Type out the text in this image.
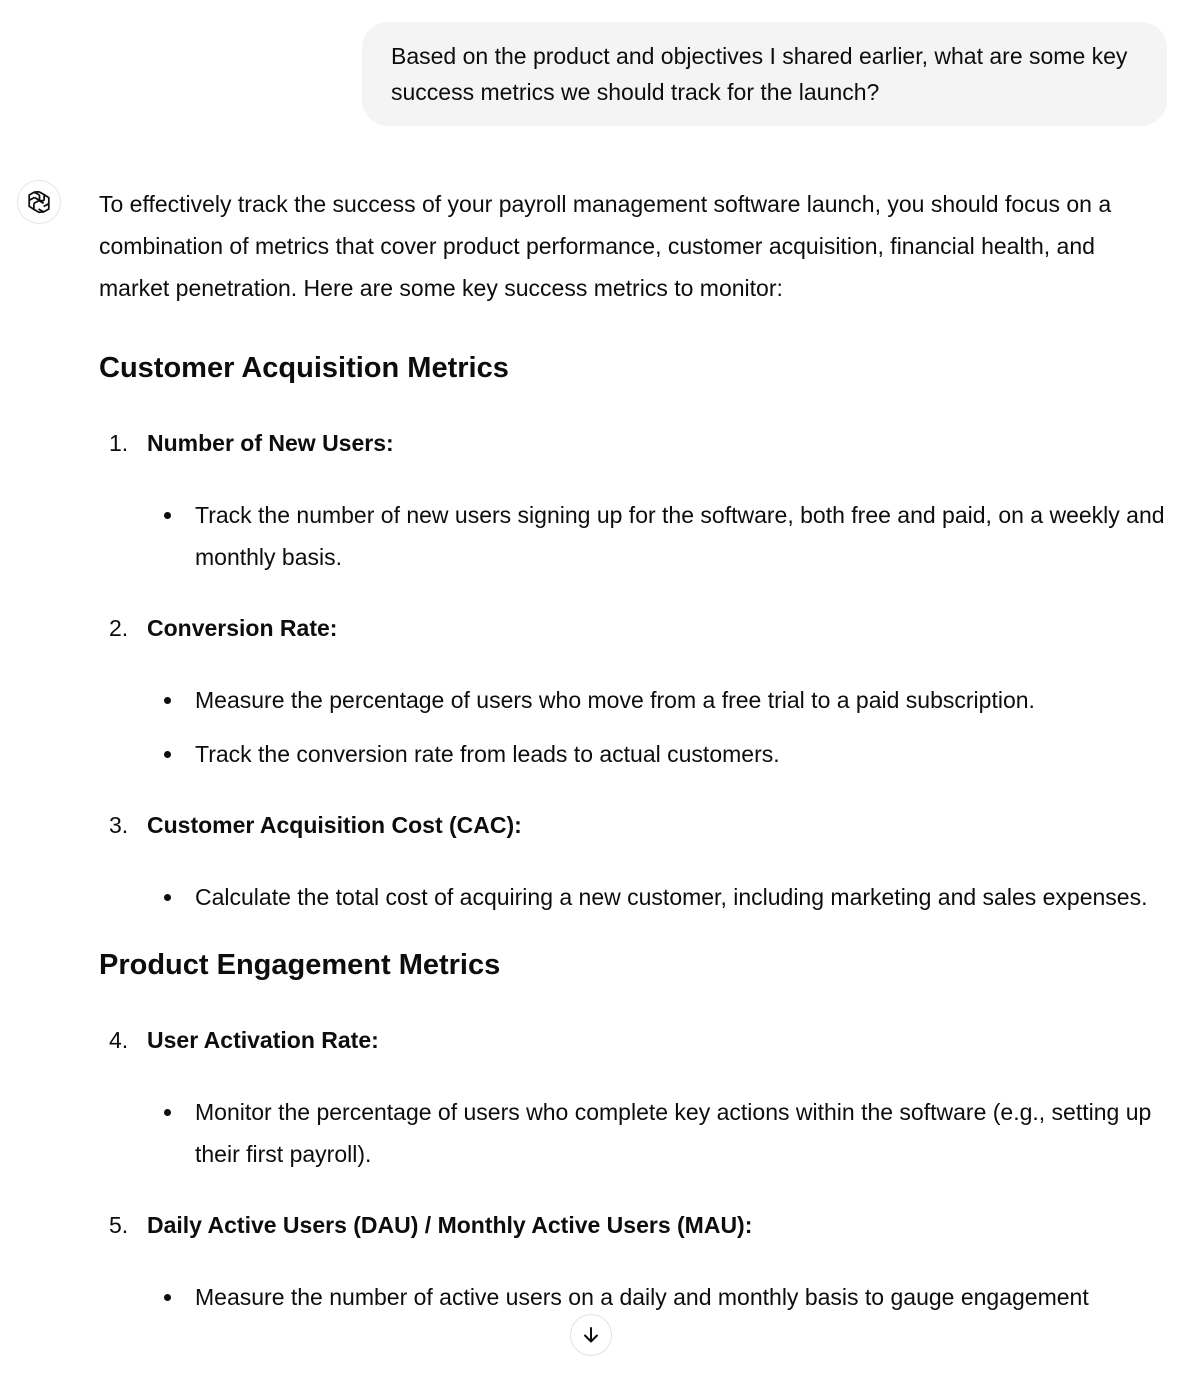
Based on the product and objectives I shared earlier, what are some key success metrics we should track for the launch?

To effectively track the success of your payroll management software launch, you should focus on a combination of metrics that cover product performance, customer acquisition, financial health, and market penetration. Here are some key success metrics to monitor:

Customer Acquisition Metrics

1. Number of New Users:

Track the number of new users signing up for the software, both free and paid, on a weekly and monthly basis.

2. Conversion Rate:

Measure the percentage of users who move from a free trial to a paid subscription.
Track the conversion rate from leads to actual customers.

3. Customer Acquisition Cost (CAC):

Calculate the total cost of acquiring a new customer, including marketing and sales expenses.
Product Engagement Metrics

4. User Activation Rate:

Monitor the percentage of users who complete key actions within the software (e.g., setting up their first payroll).

5. Daily Active Users (DAU) / Monthly Active Users (MAU):

Measure the number of active users on a daily and monthly basis to gauge engagement
